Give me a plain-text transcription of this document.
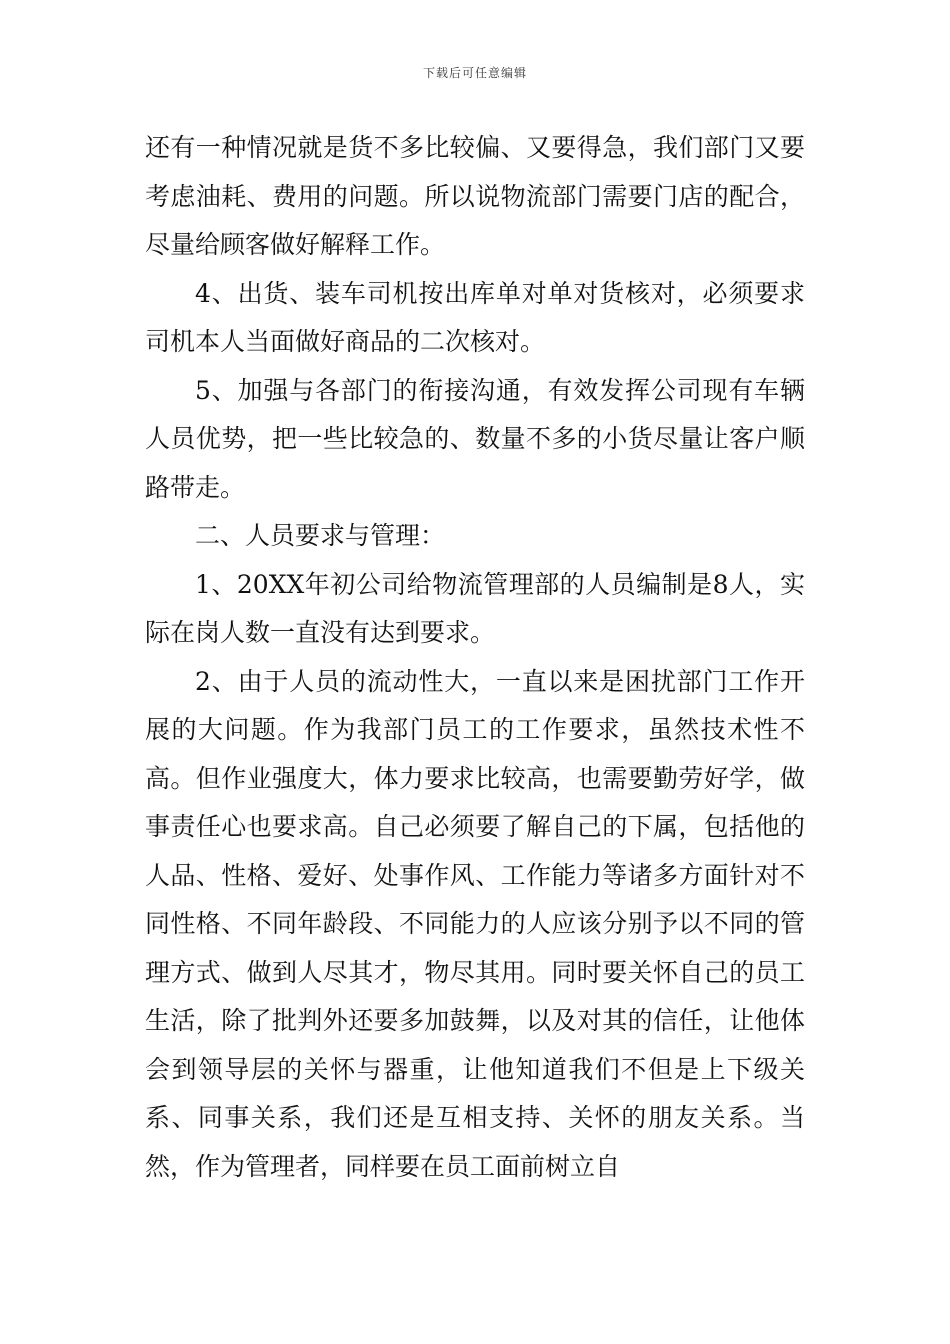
下载后可任意编辑

还有一种情况就是货不多比较偏、又要得急，我们部门又要考虑油耗、费用的问题。所以说物流部门需要门店的配合，尽量给顾客做好解释工作。

4、出货、装车司机按出库单对单对货核对，必须要求司机本人当面做好商品的二次核对。

5、加强与各部门的衔接沟通，有效发挥公司现有车辆人员优势，把一些比较急的、数量不多的小货尽量让客户顺路带走。

二、人员要求与管理：

1、20XX年初公司给物流管理部的人员编制是8人，实际在岗人数一直没有达到要求。

2、由于人员的流动性大，一直以来是困扰部门工作开展的大问题。作为我部门员工的工作要求，虽然技术性不高。但作业强度大，体力要求比较高，也需要勤劳好学，做事责任心也要求高。自己必须要了解自己的下属，包括他的人品、性格、爱好、处事作风、工作能力等诸多方面针对不同性格、不同年龄段、不同能力的人应该分别予以不同的管理方式、做到人尽其才，物尽其用。同时要关怀自己的员工生活，除了批判外还要多加鼓舞，以及对其的信任，让他体会到领导层的关怀与器重，让他知道我们不但是上下级关系、同事关系，我们还是互相支持、关怀的朋友关系。当然，作为管理者，同样要在员工面前树立自
